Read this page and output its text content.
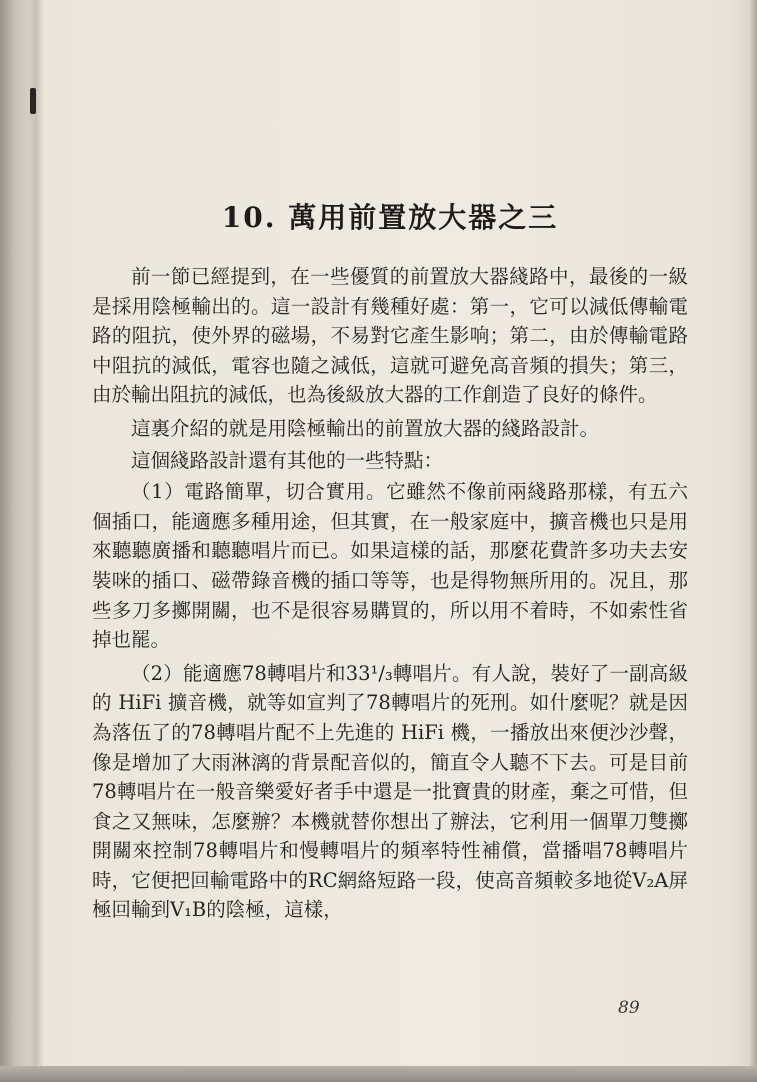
10. 萬用前置放大器之三

前一節已經提到，在一些優質的前置放大器綫路中，最後的一級是採用陰極輸出的。這一設計有幾種好處：第一，它可以減低傳輸電路的阻抗，使外界的磁場，不易對它產生影响；第二，由於傳輸電路中阻抗的減低，電容也隨之減低，這就可避免高音頻的損失；第三，由於輸出阻抗的減低，也為後級放大器的工作創造了良好的條件。

這裏介紹的就是用陰極輸出的前置放大器的綫路設計。

這個綫路設計還有其他的一些特點：

（1）電路簡單，切合實用。它雖然不像前兩綫路那樣，有五六個插口，能適應多種用途，但其實，在一般家庭中，擴音機也只是用來聽聽廣播和聽聽唱片而已。如果這樣的話，那麼花費許多功夫去安裝咪的插口、磁帶錄音機的插口等等，也是得物無所用的。况且，那些多刀多擲開關，也不是很容易購買的，所以用不着時，不如索性省掉也罷。

（2）能適應78轉唱片和33¹/₃轉唱片。有人說，裝好了一副高級的 HiFi 擴音機，就等如宣判了78轉唱片的死刑。如什麼呢？就是因為落伍了的78轉唱片配不上先進的 HiFi 機，一播放出來便沙沙聲，像是增加了大雨淋漓的背景配音似的，簡直令人聽不下去。可是目前78轉唱片在一般音樂愛好者手中還是一批寶貴的財產，棄之可惜，但食之又無味，怎麼辦？本機就替你想出了辦法，它利用一個單刀雙擲開關來控制78轉唱片和慢轉唱片的頻率特性補償，當播唱78轉唱片時，它便把回輸電路中的RC網絡短路一段，使高音頻較多地從V₂A屏極回輸到V₁B的陰極，這樣，

89
